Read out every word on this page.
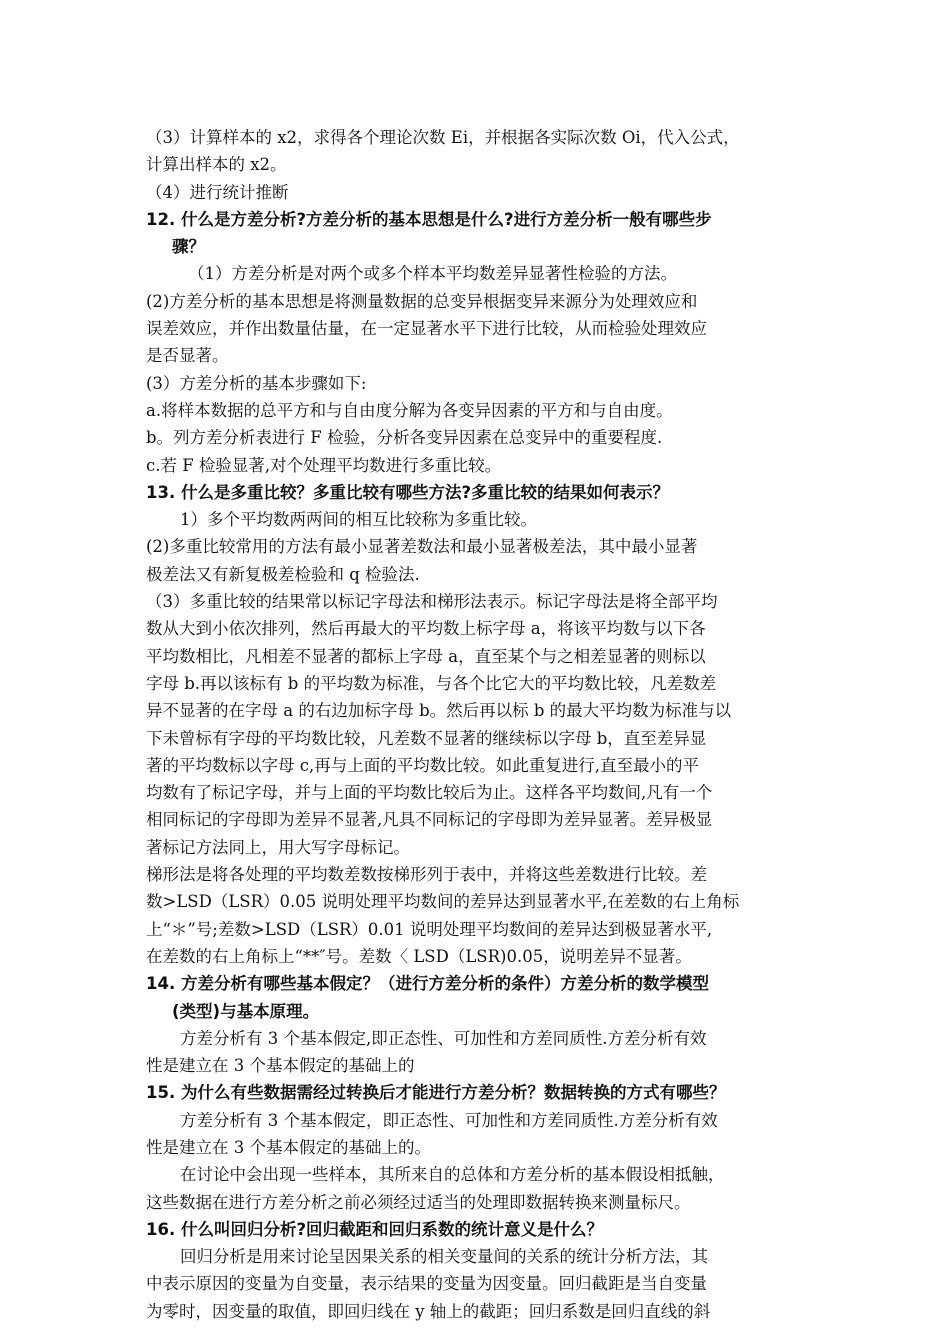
（3）计算样本的 x2，求得各个理论次数 Ei，并根据各实际次数 Oi，代入公式，
计算出样本的 x2。
（4）进行统计推断
12. 什么是方差分析?方差分析的基本思想是什么?进行方差分析一般有哪些步
骤？
（1）方差分析是对两个或多个样本平均数差异显著性检验的方法。
(2)方差分析的基本思想是将测量数据的总变异根据变异来源分为处理效应和
误差效应，并作出数量估量，在一定显著水平下进行比较，从而检验处理效应
是否显著。
(3）方差分析的基本步骤如下:
a.将样本数据的总平方和与自由度分解为各变异因素的平方和与自由度。
b。列方差分析表进行 F 检验，分析各变异因素在总变异中的重要程度.
c.若 F 检验显著,对个处理平均数进行多重比较。
13. 什么是多重比较？多重比较有哪些方法?多重比较的结果如何表示？
1）多个平均数两两间的相互比较称为多重比较。
(2)多重比较常用的方法有最小显著差数法和最小显著极差法，其中最小显著
极差法又有新复极差检验和 q 检验法.
（3）多重比较的结果常以标记字母法和梯形法表示。标记字母法是将全部平均
数从大到小依次排列，然后再最大的平均数上标字母 a，将该平均数与以下各
平均数相比，凡相差不显著的都标上字母 a，直至某个与之相差显著的则标以
字母 b.再以该标有 b 的平均数为标准，与各个比它大的平均数比较，凡差数差
异不显著的在字母 a 的右边加标字母 b。然后再以标 b 的最大平均数为标准与以
下未曾标有字母的平均数比较，凡差数不显著的继续标以字母 b，直至差异显
著的平均数标以字母 c,再与上面的平均数比较。如此重复进行,直至最小的平
均数有了标记字母，并与上面的平均数比较后为止。这样各平均数间,凡有一个
相同标记的字母即为差异不显著,凡具不同标记的字母即为差异显著。差异极显
著标记方法同上，用大写字母标记。
梯形法是将各处理的平均数差数按梯形列于表中，并将这些差数进行比较。差
数>LSD（LSR）0.05 说明处理平均数间的差异达到显著水平,在差数的右上角标
上“＊”号;差数>LSD（LSR）0.01 说明处理平均数间的差异达到极显著水平,
在差数的右上角标上“**″号。差数〈 LSD（LSR)0.05，说明差异不显著。
14. 方差分析有哪些基本假定？（进行方差分析的条件）方差分析的数学模型
(类型)与基本原理。
方差分析有 3 个基本假定,即正态性、可加性和方差同质性.方差分析有效
性是建立在 3 个基本假定的基础上的
15. 为什么有些数据需经过转换后才能进行方差分析？数据转换的方式有哪些？
方差分析有 3 个基本假定，即正态性、可加性和方差同质性.方差分析有效
性是建立在 3 个基本假定的基础上的。
在讨论中会出现一些样本，其所来自的总体和方差分析的基本假设相抵触，
这些数据在进行方差分析之前必须经过适当的处理即数据转换来测量标尺。
16. 什么叫回归分析?回归截距和回归系数的统计意义是什么？
回归分析是用来讨论呈因果关系的相关变量间的关系的统计分析方法，其
中表示原因的变量为自变量，表示结果的变量为因变量。回归截距是当自变量
为零时，因变量的取值，即回归线在 y 轴上的截距；回归系数是回归直线的斜
